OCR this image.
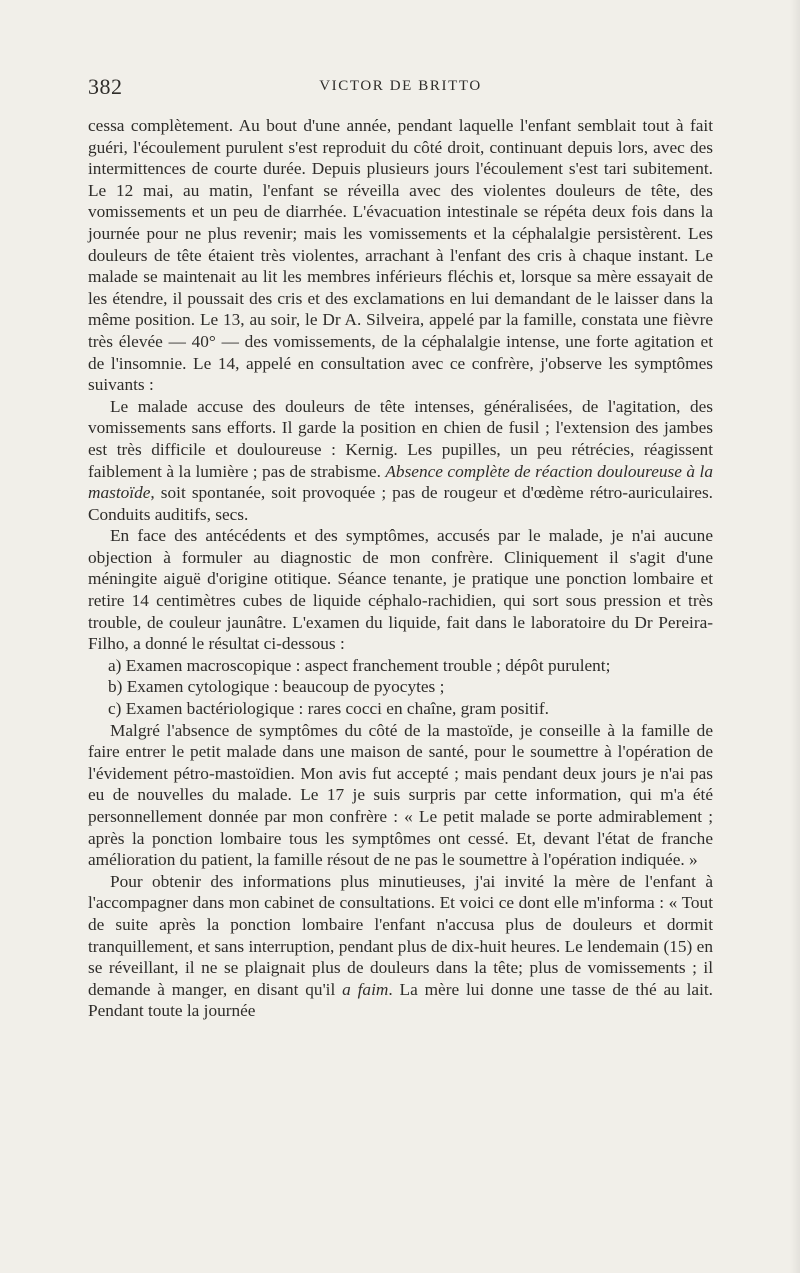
382	VICTOR DE BRITTO

cessa complètement. Au bout d'une année, pendant laquelle l'enfant semblait tout à fait guéri, l'écoulement purulent s'est reproduit du côté droit, continuant depuis lors, avec des intermittences de courte durée. Depuis plusieurs jours l'écoulement s'est tari subitement. Le 12 mai, au matin, l'enfant se réveilla avec des violentes douleurs de tête, des vomissements et un peu de diarrhée. L'évacuation intestinale se répéta deux fois dans la journée pour ne plus revenir; mais les vomissements et la céphalalgie persistèrent. Les douleurs de tête étaient très violentes, arrachant à l'enfant des cris à chaque instant. Le malade se maintenait au lit les membres inférieurs fléchis et, lorsque sa mère essayait de les étendre, il poussait des cris et des exclamations en lui demandant de le laisser dans la même position. Le 13, au soir, le Dr A. Silveira, appelé par la famille, constata une fièvre très élevée — 40° — des vomissements, de la céphalalgie intense, une forte agitation et de l'insomnie. Le 14, appelé en consultation avec ce confrère, j'observe les symptômes suivants :

Le malade accuse des douleurs de tête intenses, généralisées, de l'agitation, des vomissements sans efforts. Il garde la position en chien de fusil ; l'extension des jambes est très difficile et douloureuse : Kernig. Les pupilles, un peu rétrécies, réagissent faiblement à la lumière ; pas de strabisme. Absence complète de réaction douloureuse à la mastoïde, soit spontanée, soit provoquée ; pas de rougeur et d'œdème rétro-auriculaires. Conduits auditifs, secs.

En face des antécédents et des symptômes, accusés par le malade, je n'ai aucune objection à formuler au diagnostic de mon confrère. Cliniquement il s'agit d'une méningite aiguë d'origine otitique. Séance tenante, je pratique une ponction lombaire et retire 14 centimètres cubes de liquide céphalo-rachidien, qui sort sous pression et très trouble, de couleur jaunâtre. L'examen du liquide, fait dans le laboratoire du Dr Pereira-Filho, a donné le résultat ci-dessous :

a) Examen macroscopique : aspect franchement trouble ; dépôt purulent;

b) Examen cytologique : beaucoup de pyocytes ;

c) Examen bactériologique : rares cocci en chaîne, gram positif.

Malgré l'absence de symptômes du côté de la mastoïde, je conseille à la famille de faire entrer le petit malade dans une maison de santé, pour le soumettre à l'opération de l'évidement pétro-mastoïdien. Mon avis fut accepté ; mais pendant deux jours je n'ai pas eu de nouvelles du malade. Le 17 je suis surpris par cette information, qui m'a été personnellement donnée par mon confrère : « Le petit malade se porte admirablement ; après la ponction lombaire tous les symptômes ont cessé. Et, devant l'état de franche amélioration du patient, la famille résout de ne pas le soumettre à l'opération indiquée. »

Pour obtenir des informations plus minutieuses, j'ai invité la mère de l'enfant à l'accompagner dans mon cabinet de consultations. Et voici ce dont elle m'informa : « Tout de suite après la ponction lombaire l'enfant n'accusa plus de douleurs et dormit tranquillement, et sans interruption, pendant plus de dix-huit heures. Le lendemain (15) en se réveillant, il ne se plaignait plus de douleurs dans la tête; plus de vomissements ; il demande à manger, en disant qu'il a faim. La mère lui donne une tasse de thé au lait. Pendant toute la journée
